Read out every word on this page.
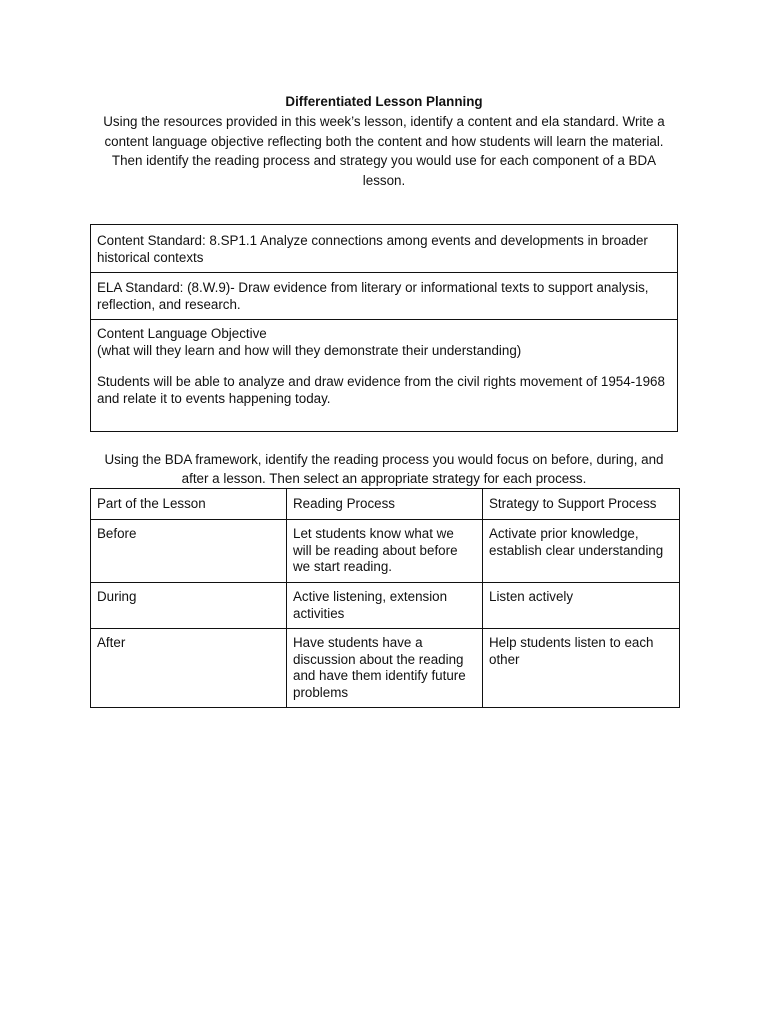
Differentiated Lesson Planning
Using the resources provided in this week’s lesson, identify a content and ela standard. Write a
content language objective reflecting both the content and how students will learn the material.
Then identify the reading process and strategy you would use for each component of a BDA
lesson.
Content Standard: 8.SP1.1 Analyze connections among events and developments in broader historical contexts
ELA Standard: (8.W.9)- Draw evidence from literary or informational texts to support analysis, reflection, and research.
Content Language Objective
(what will they learn and how will they demonstrate their understanding)
Students will be able to analyze and draw evidence from the civil rights movement of 1954-1968 and relate it to events happening today.
Using the BDA framework, identify the reading process you would focus on before, during, and
after a lesson. Then select an appropriate strategy for each process.
Part of the Lesson	Reading Process	Strategy to Support Process
Before	Let students know what we will be reading about before we start reading.	Activate prior knowledge, establish clear understanding
During	Active listening, extension activities	Listen actively
After	Have students have a discussion about the reading and have them identify future problems	Help students listen to each other
